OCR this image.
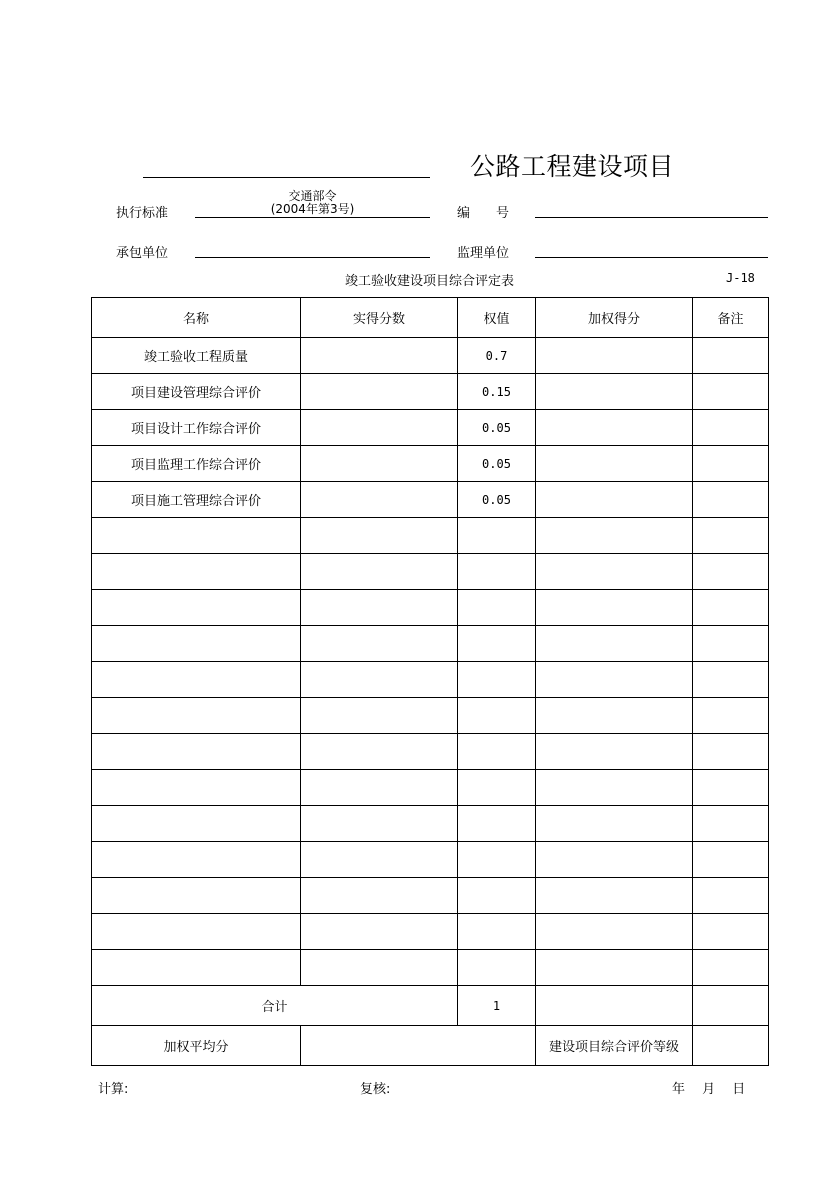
公路工程建设项目
执行标准
交通部令
(2004年第3号)	编　　号
承包单位	监理单位
竣工验收建设项目综合评定表	J-18
名称	实得分数	权值	加权得分	备注
竣工验收工程质量		0.7		
项目建设管理综合评价		0.15		
项目设计工作综合评价		0.05		
项目监理工作综合评价		0.05		
项目施工管理综合评价		0.05		

合计		1		
加权平均分			建设项目综合评价等级	
计算:	复核:	年　 月　 日
